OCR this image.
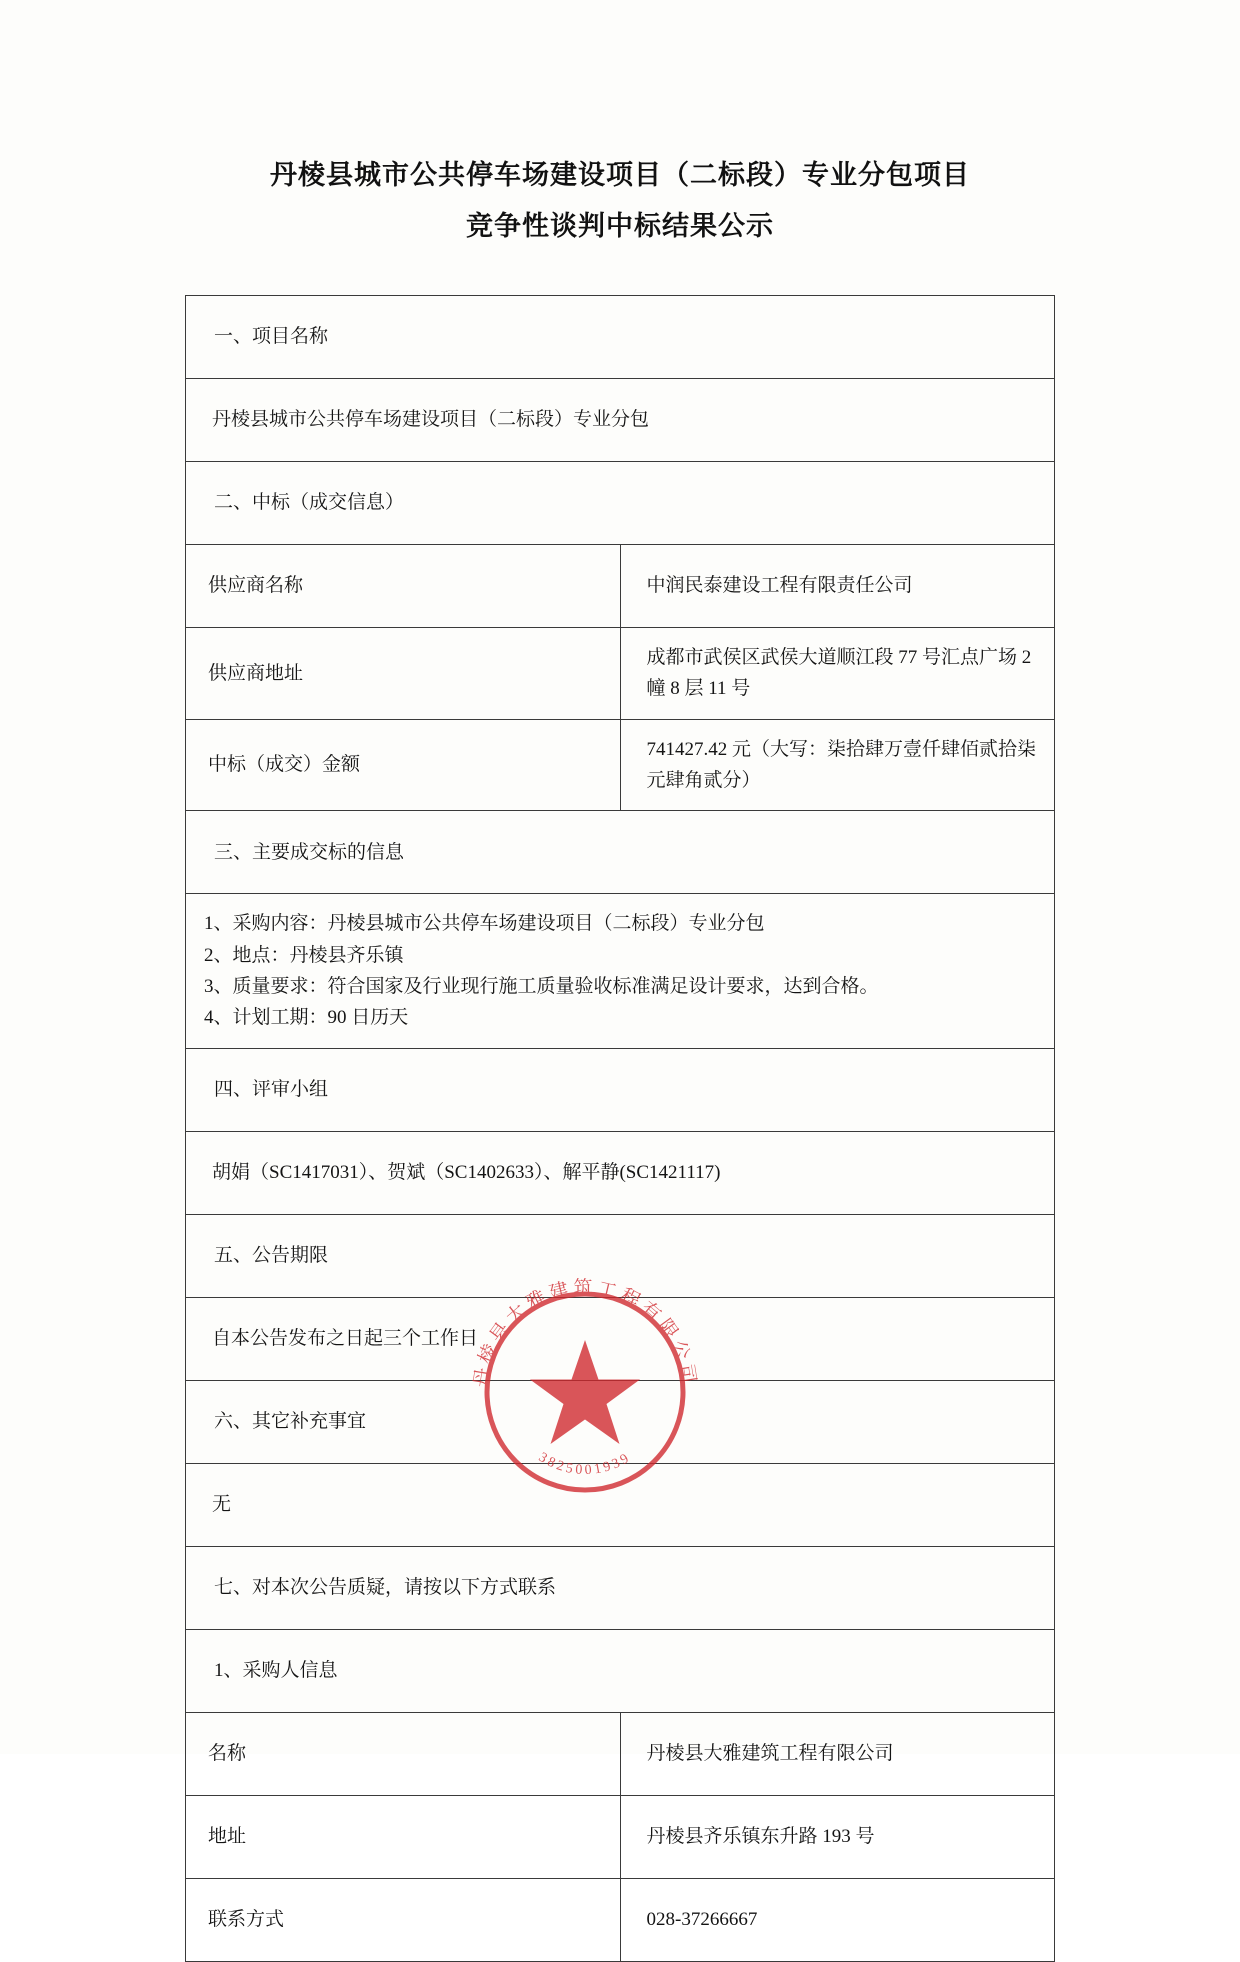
丹棱县城市公共停车场建设项目（二标段）专业分包项目
竞争性谈判中标结果公示
一、项目名称	
丹棱县城市公共停车场建设项目（二标段）专业分包	
二、中标（成交信息）	
供应商名称	中润民泰建设工程有限责任公司
供应商地址	成都市武侯区武侯大道顺江段 77 号汇点广场 2 幢 8 层 11 号
中标（成交）金额	741427.42 元（大写：柒拾肆万壹仟肆佰贰拾柒元肆角贰分）
三、主要成交标的信息	

1、采购内容：丹棱县城市公共停车场建设项目（二标段）专业分包
2、地点：丹棱县齐乐镇
3、质量要求：符合国家及行业现行施工质量验收标准满足设计要求，达到合格。
4、计划工期：90 日历天	

四、评审小组	
胡娟（SC1417031）、贺斌（SC1402633）、解平静(SC1421117)	
五、公告期限	
自本公告发布之日起三个工作日	
六、其它补充事宜	
无	
七、对本次公告质疑，请按以下方式联系	
1、采购人信息	
名称	丹棱县大雅建筑工程有限公司
地址	丹棱县齐乐镇东升路 193 号
联系方式	028-37266667
丹棱县大雅建筑工程有限公司
3825001939
